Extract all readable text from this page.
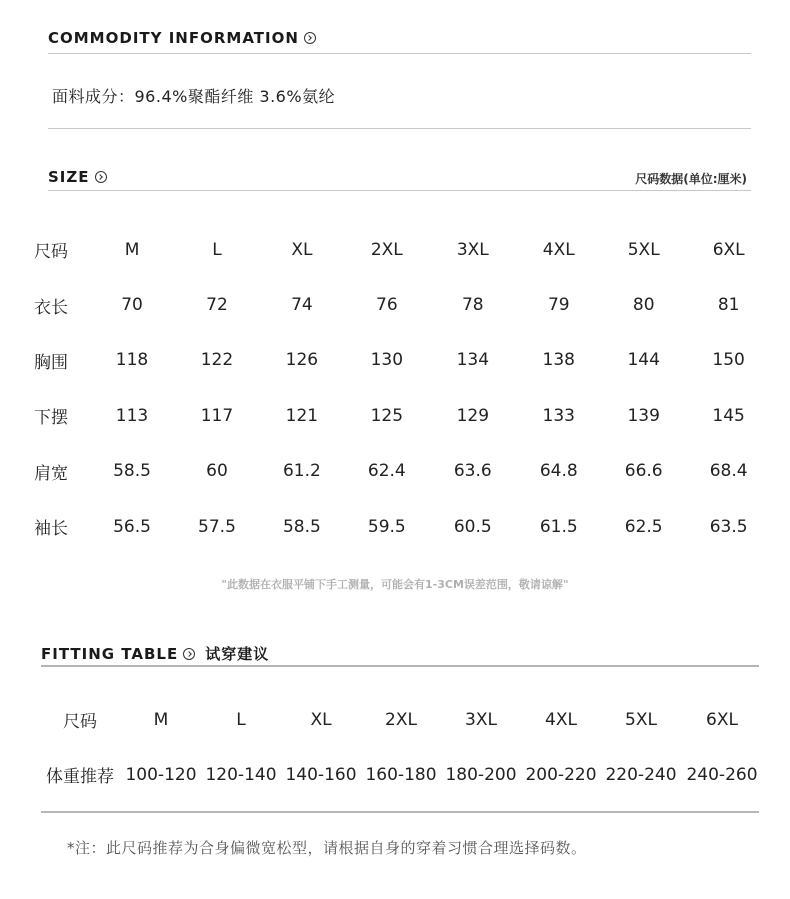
COMMODITY INFORMATION
面料成分：96.4%聚酯纤维 3.6%氨纶
SIZE	尺码数据(单位:厘米)
尺码	M	L	XL	2XL	3XL	4XL	5XL	6XL
衣长	70	72	74	76	78	79	80	81
胸围	118	122	126	130	134	138	144	150
下摆	113	117	121	125	129	133	139	145
肩宽	58.5	60	61.2	62.4	63.6	64.8	66.6	68.4
袖长	56.5	57.5	58.5	59.5	60.5	61.5	62.5	63.5
"此数据在衣服平铺下手工测量，可能会有1-3CM误差范围，敬请谅解"
FITTING TABLE 试穿建议
尺码	M	L	XL	2XL	3XL	4XL	5XL	6XL
体重推荐	100-120	120-140	140-160	160-180	180-200	200-220	220-240	240-260
*注：此尺码推荐为合身偏微宽松型，请根据自身的穿着习惯合理选择码数。
